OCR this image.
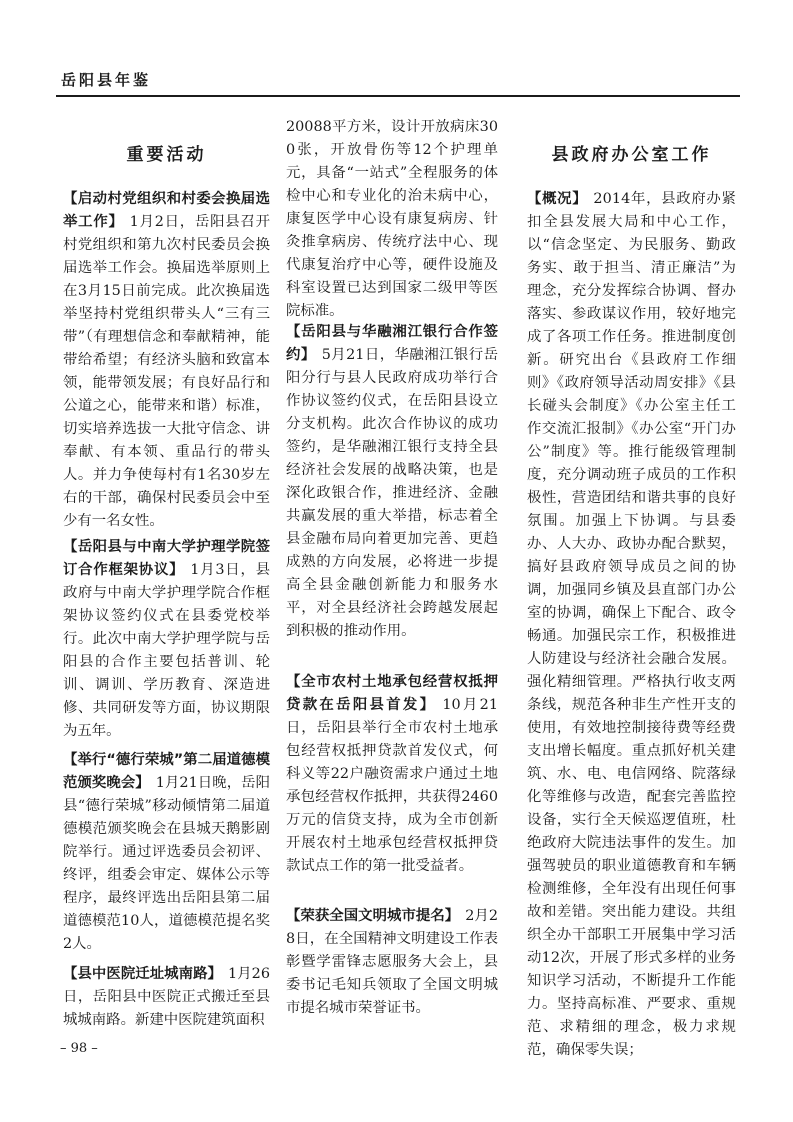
岳阳县年鉴
重要活动

【启动村党组织和村委会换届选举工作】 1月2日，岳阳县召开村党组织和第九次村民委员会换届选举工作会。换届选举原则上在3月15日前完成。此次换届选举坚持村党组织带头人“三有三带”（有理想信念和奉献精神，能带给希望；有经济头脑和致富本领，能带领发展；有良好品行和公道之心，能带来和谐）标准，切实培养选拔一大批守信念、讲奉献、有本领、重品行的带头人。并力争使每村有1名30岁左右的干部，确保村民委员会中至少有一名女性。

【岳阳县与中南大学护理学院签订合作框架协议】 1月3日，县政府与中南大学护理学院合作框架协议签约仪式在县委党校举行。此次中南大学护理学院与岳阳县的合作主要包括普训、轮训、调训、学历教育、深造进修、共同研发等方面，协议期限为五年。

【举行“德行荣城”第二届道德模范颁奖晚会】 1月21日晚，岳阳县“德行荣城”移动倾情第二届道德模范颁奖晚会在县城天鹅影剧院举行。通过评选委员会初评、终评，组委会审定、媒体公示等程序，最终评选出岳阳县第二届道德模范10人，道德模范提名奖2人。

【县中医院迁址城南路】 1月26日，岳阳县中医院正式搬迁至县城城南路。新建中医院建筑面积

20088平方米，设计开放病床300张，开放骨伤等12个护理单元，具备“一站式”全程服务的体检中心和专业化的治未病中心，康复医学中心设有康复病房、针灸推拿病房、传统疗法中心、现代康复治疗中心等，硬件设施及科室设置已达到国家二级甲等医院标准。

【岳阳县与华融湘江银行合作签约】 5月21日，华融湘江银行岳阳分行与县人民政府成功举行合作协议签约仪式，在岳阳县设立分支机构。此次合作协议的成功签约，是华融湘江银行支持全县经济社会发展的战略决策，也是深化政银合作，推进经济、金融共赢发展的重大举措，标志着全县金融布局向着更加完善、更趋成熟的方向发展，必将进一步提高全县金融创新能力和服务水平，对全县经济社会跨越发展起到积极的推动作用。

【全市农村土地承包经营权抵押贷款在岳阳县首发】 10月21日，岳阳县举行全市农村土地承包经营权抵押贷款首发仪式，何科义等22户融资需求户通过土地承包经营权作抵押，共获得2460万元的信贷支持，成为全市创新开展农村土地承包经营权抵押贷款试点工作的第一批受益者。

【荣获全国文明城市提名】 2月28日，在全国精神文明建设工作表彰暨学雷锋志愿服务大会上，县委书记毛知兵领取了全国文明城市提名城市荣誉证书。

县政府办公室工作

【概况】 2014年，县政府办紧扣全县发展大局和中心工作，以“信念坚定、为民服务、勤政务实、敢于担当、清正廉洁”为理念，充分发挥综合协调、督办落实、参政谋议作用，较好地完成了各项工作任务。推进制度创新。研究出台《县政府工作细则》《政府领导活动周安排》《县长碰头会制度》《办公室主任工作交流汇报制》《办公室“开门办公”制度》等。推行能级管理制度，充分调动班子成员的工作积极性，营造团结和谐共事的良好氛围。加强上下协调。与县委办、人大办、政协办配合默契，搞好县政府领导成员之间的协调，加强同乡镇及县直部门办公室的协调，确保上下配合、政令畅通。加强民宗工作，积极推进人防建设与经济社会融合发展。强化精细管理。严格执行收支两条线，规范各种非生产性开支的使用，有效地控制接待费等经费支出增长幅度。重点抓好机关建筑、水、电、电信网络、院落绿化等维修与改造，配套完善监控设备，实行全天候巡逻值班，杜绝政府大院违法事件的发生。加强驾驶员的职业道德教育和车辆检测维修，全年没有出现任何事故和差错。突出能力建设。共组织全办干部职工开展集中学习活动12次，开展了形式多样的业务知识学习活动，不断提升工作能力。坚持高标准、严要求、重规范、求精细的理念，极力求规范，确保零失误；

– 98 –
